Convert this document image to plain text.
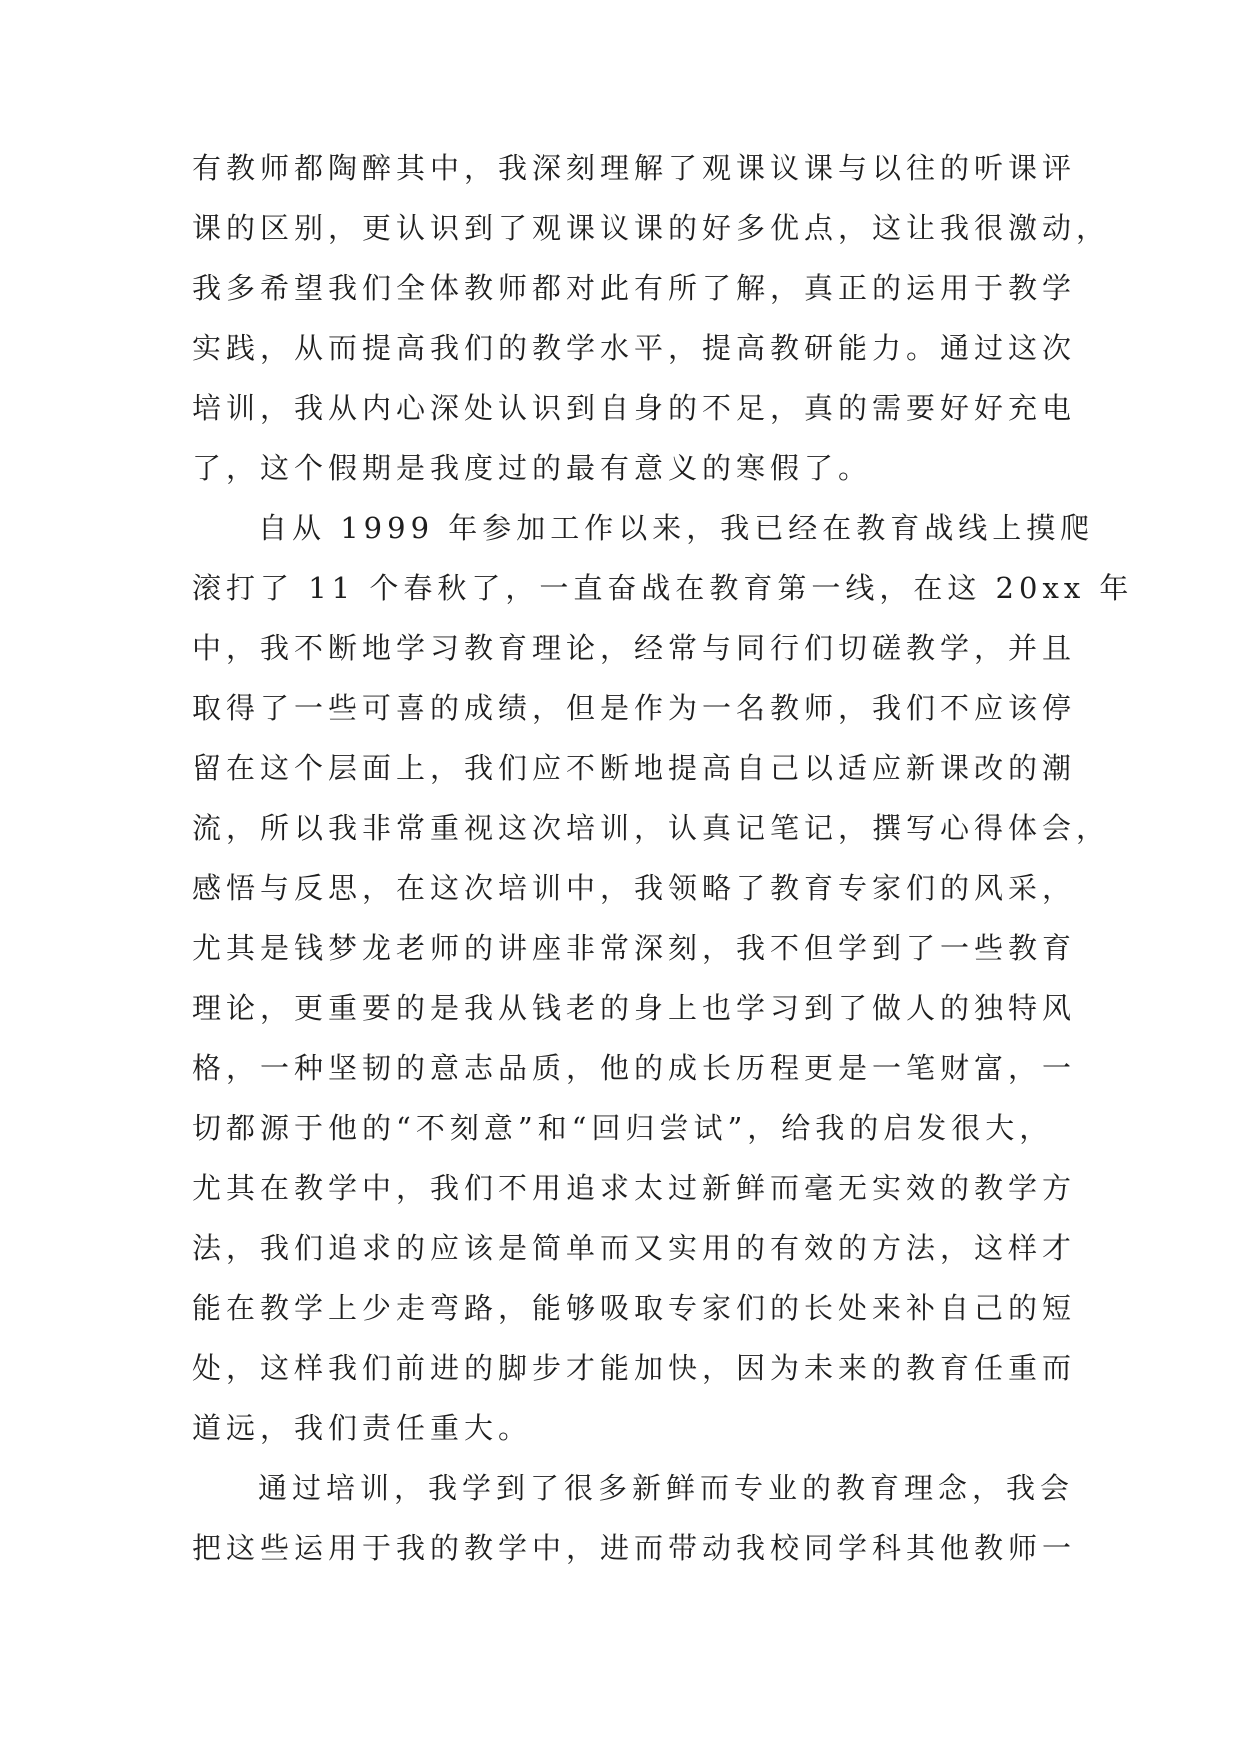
有教师都陶醉其中，我深刻理解了观课议课与以往的听课评
课的区别，更认识到了观课议课的好多优点，这让我很激动，
我多希望我们全体教师都对此有所了解，真正的运用于教学
实践，从而提高我们的教学水平，提高教研能力。通过这次
培训，我从内心深处认识到自身的不足，真的需要好好充电
了，这个假期是我度过的最有意义的寒假了。
自从 1999 年参加工作以来，我已经在教育战线上摸爬
滚打了 11 个春秋了，一直奋战在教育第一线，在这 20xx 年
中，我不断地学习教育理论，经常与同行们切磋教学，并且
取得了一些可喜的成绩，但是作为一名教师，我们不应该停
留在这个层面上，我们应不断地提高自己以适应新课改的潮
流，所以我非常重视这次培训，认真记笔记，撰写心得体会，
感悟与反思，在这次培训中，我领略了教育专家们的风采，
尤其是钱梦龙老师的讲座非常深刻，我不但学到了一些教育
理论，更重要的是我从钱老的身上也学习到了做人的独特风
格，一种坚韧的意志品质，他的成长历程更是一笔财富，一
切都源于他的“不刻意”和“回归尝试”，给我的启发很大，
尤其在教学中，我们不用追求太过新鲜而毫无实效的教学方
法，我们追求的应该是简单而又实用的有效的方法，这样才
能在教学上少走弯路，能够吸取专家们的长处来补自己的短
处，这样我们前进的脚步才能加快，因为未来的教育任重而
道远，我们责任重大。
通过培训，我学到了很多新鲜而专业的教育理念，我会
把这些运用于我的教学中，进而带动我校同学科其他教师一
